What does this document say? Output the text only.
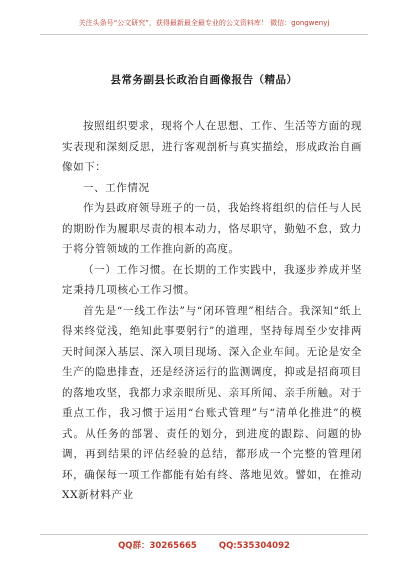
关注头条号“公文研究”，获得最新最全最专业的公文资料库！ 微信：gongwenyj
县常务副县长政治自画像报告（精品）

按照组织要求，现将个人在思想、工作、生活等方面的现实表现和深刻反思，进行客观剖析与真实描绘，形成政治自画像如下：

一、工作情况

作为县政府领导班子的一员，我始终将组织的信任与人民的期盼作为履职尽责的根本动力，恪尽职守，勤勉不怠，致力于将分管领域的工作推向新的高度。

（一）工作习惯。在长期的工作实践中，我逐步养成并坚定秉持几项核心工作习惯。

首先是“一线工作法”与“闭环管理”相结合。我深知“纸上得来终觉浅，绝知此事要躬行”的道理，坚持每周至少安排两天时间深入基层、深入项目现场、深入企业车间。无论是安全生产的隐患排查，还是经济运行的监测调度，抑或是招商项目的落地攻坚，我都力求亲眼所见、亲耳所闻、亲手所触。对于重点工作，我习惯于运用“台账式管理”与“清单化推进”的模式。从任务的部署、责任的划分，到进度的跟踪、问题的协调，再到结果的评估经验的总结，都形成一个完整的管理闭环，确保每一项工作都能有始有终、落地见效。譬如，在推动XX新材料产业

QQ群：30265665	QQ:535304092
